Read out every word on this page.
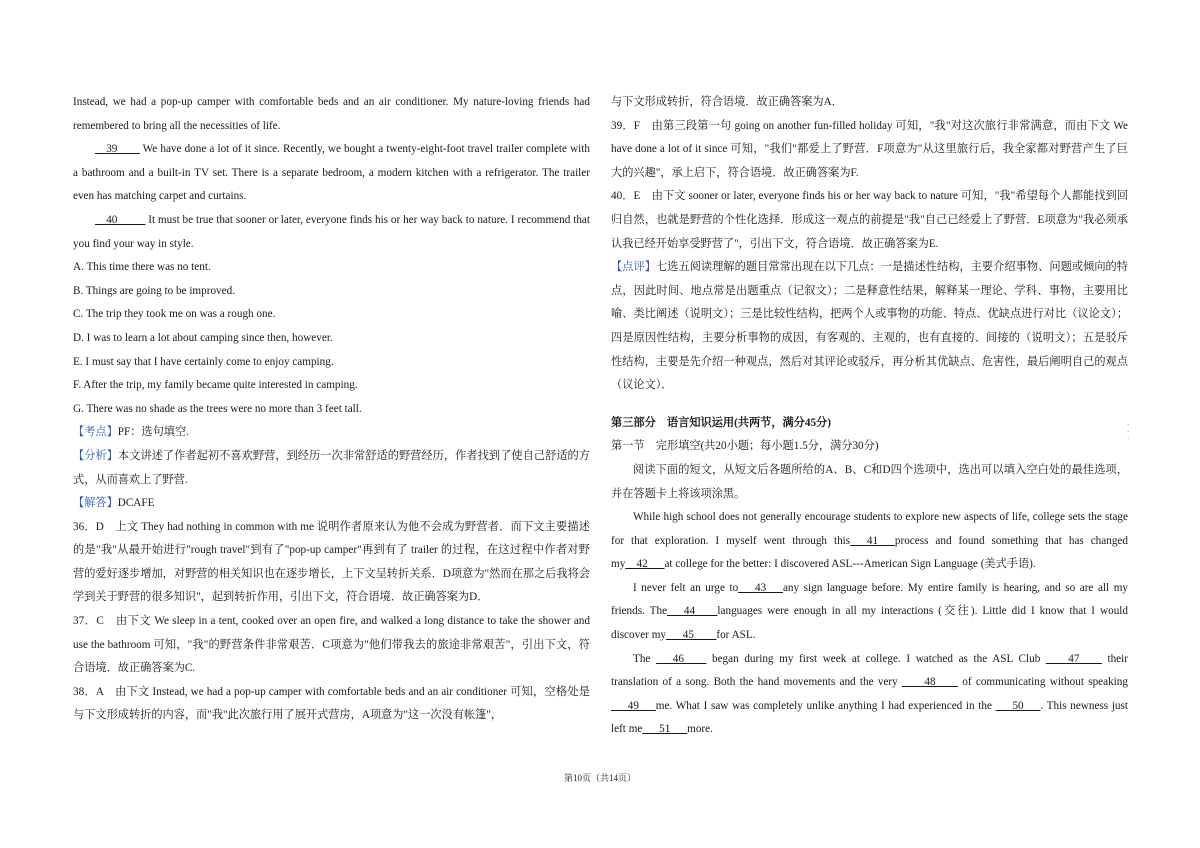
Instead, we had a pop-up camper with comfortable beds and an air conditioner. My nature-loving friends had remembered to bring all the necessities of life.

__39____ We have done a lot of it since. Recently, we bought a twenty-eight-foot travel trailer complete with a bathroom and a built-in TV set. There is a separate bedroom, a modern kitchen with a refrigerator. The trailer even has matching carpet and curtains.

__40_____ It must be true that sooner or later, everyone finds his or her way back to nature. I recommend that you find your way in style.

A. This time there was no tent.

B. Things are going to be improved.

C. The trip they took me on was a rough one.

D. I was to learn a lot about camping since then, however.

E. I must say that I have certainly come to enjoy camping.

F. After the trip, my family became quite interested in camping.

G. There was no shade as the trees were no more than 3 feet tall.

【考点】PF：选句填空.

【分析】本文讲述了作者起初不喜欢野营，到经历一次非常舒适的野营经历，作者找到了使自己舒适的方式，从而喜欢上了野营.

【解答】DCAFE

36．D　上文 They had nothing in common with me 说明作者原来认为他不会成为野营者．而下文主要描述的是"我"从最开始进行"rough travel"到有了"pop-up camper"再到有了 trailer 的过程，在这过程中作者对野营的爱好逐步增加，对野营的相关知识也在逐步增长，上下文呈转折关系．D项意为"然而在那之后我将会学到关于野营的很多知识"，起到转折作用，引出下文，符合语境．故正确答案为D．

37．C　由下文 We sleep in a tent, cooked over an open fire, and walked a long distance to take the shower and use the bathroom 可知，"我"的野营条件非常艰苦．C项意为"他们带我去的旅途非常艰苦"，引出下文，符合语境．故正确答案为C.

38．A　由下文 Instead, we had a pop-up camper with comfortable beds and an air conditioner 可知，空格处是与下文形成转折的内容，而"我"此次旅行用了展开式营房，A项意为"这一次没有帐篷"，

与下文形成转折，符合语境．故正确答案为A．

39．F　由第三段第一句 going on another fun-filled holiday 可知，"我"对这次旅行非常满意，而由下文 We have done a lot of it since 可知，"我们"都爱上了野营．F项意为"从这里旅行后，我全家都对野营产生了巨大的兴趣"，承上启下，符合语境．故正确答案为F.

40．E　由下文 sooner or later, everyone finds his or her way back to nature 可知，"我"希望每个人都能找到回归自然，也就是野营的个性化选择．形成这一观点的前提是"我"自己已经爱上了野营．E项意为"我必须承认我已经开始享受野营了"，引出下文，符合语境．故正确答案为E.

【点评】七选五阅读理解的题目常常出现在以下几点：一是描述性结构，主要介绍事物、问题或倾向的特点，因此时间、地点常是出题重点（记叙文）；二是释意性结果，解释某一理论、学科、事物，主要用比喻、类比阐述（说明文）；三是比较性结构，把两个人或事物的功能、特点、优缺点进行对比（议论文）；四是原因性结构，主要分析事物的成因，有客观的、主观的，也有直接的、间接的（说明文）；五是驳斥性结构，主要是先介绍一种观点，然后对其评论或驳斥，再分析其优缺点、危害性，最后阐明自己的观点（议论文）．

第三部分　语言知识运用(共两节，满分45分)

第一节　完形填空(共20小题；每小题1.5分，满分30分)

阅读下面的短文，从短文后各题所给的A、B、C和D四个选项中，选出可以填入空白处的最佳选项，并在答题卡上将该项涂黑。

While high school does not generally encourage students to explore new aspects of life, college sets the stage for that exploration. I myself went through this___41___process and found something that has changed my__42___at college for the better: I discovered ASL---American Sign Language (美式手语).

I never felt an urge to___43___any sign language before. My entire family is hearing, and so are all my friends. The___44____languages were enough in all my interactions (交往). Little did I know that I would discover my___45____for ASL.

The ___46____ began during my first week at college. I watched as the ASL Club ____47____ their translation of a song. Both the hand movements and the very ____48____ of communicating without speaking ___49___me. What I saw was completely unlike anything I had experienced in the ___50___. This newness just left me___51___more.

·
·
·
第10页（共14页）
